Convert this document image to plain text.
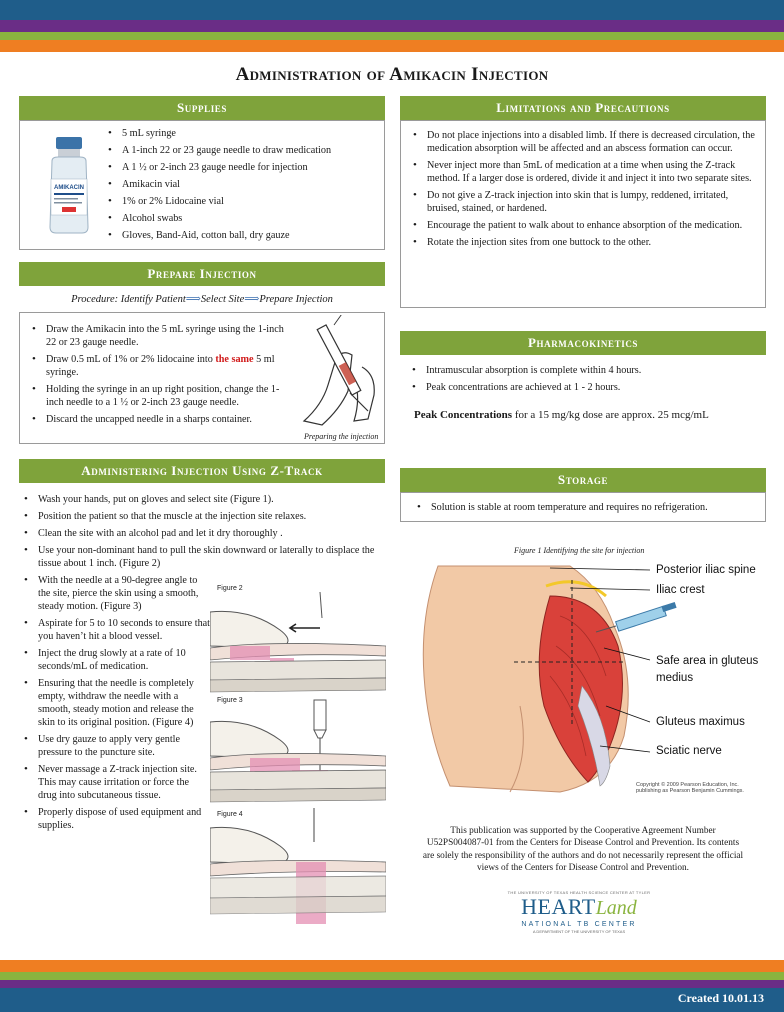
Administration of Amikacin Injection
Supplies
AMIKACIN
• 5 mL syringe
• A 1-inch 22 or 23 gauge needle to draw medication
• A 1 ½ or 2-inch 23 gauge needle for injection
• Amikacin vial
• 1% or 2% Lidocaine vial
• Alcohol swabs
• Gloves, Band-Aid, cotton ball, dry gauze
Prepare Injection
Procedure: Identify Patient⟹Select Site⟹Prepare Injection
• Draw the Amikacin into the 5 mL syringe using the 1-inch 22 or 23 gauge needle.
• Draw 0.5 mL of 1% or 2% lidocaine into the same 5 ml syringe.
• Holding the syringe in an up right position, change the 1-inch needle to a 1 ½ or 2-inch 23 gauge needle.
• Discard the uncapped needle in a sharps container.
Preparing the injection
Administering Injection Using Z-Track
• Wash your hands, put on gloves and select site (Figure 1).
• Position the patient so that the muscle at the injection site relaxes.
• Clean the site with an alcohol pad and let it dry thoroughly .
• Use your non-dominant hand to pull the skin downward or laterally to displace the tissue about 1 inch. (Figure 2)
• With the needle at a 90-degree angle to the site, pierce the skin using a smooth, steady motion. (Figure 3)
• Aspirate for 5 to 10 seconds to ensure that you haven’t hit a blood vessel.
• Inject the drug slowly at a rate of 10 seconds/mL of medication.
• Ensuring that the needle is completely empty, withdraw the needle with a smooth, steady motion and release the skin to its original position. (Figure 4)
• Use dry gauze to apply very gentle pressure to the puncture site.
• Never massage a Z-track injection site. This may cause irritation or force the drug into subcutaneous tissue.
• Properly dispose of used equipment and supplies.
Figure 2
Figure 3
Figure 4
Limitations and Precautions
• Do not place injections into a disabled limb. If there is decreased circulation, the medication absorption will be affected and an abscess formation can occur.
• Never inject more than 5mL of medication at a time when using the Z-track method. If a larger dose is ordered, divide it and inject it into two separate sites.
• Do not give a Z-track injection into skin that is lumpy, reddened, irritated, bruised, stained, or hardened.
• Encourage the patient to walk about to enhance absorption of the medication.
• Rotate the injection sites from one buttock to the other.
Pharmacokinetics
• Intramuscular absorption is complete within 4 hours.
• Peak concentrations are achieved at 1 - 2 hours.
Peak Concentrations for a 15 mg/kg dose are approx. 25 mcg/mL
Storage
• Solution is stable at room temperature and requires no refrigeration.
Figure 1 Identifying the site for injection
Posterior iliac spine
Iliac crest
Safe area in gluteus
medius
Gluteus maximus
Sciatic nerve
Copyright © 2009 Pearson Education, Inc.
publishing as Pearson Benjamin Cummings.
This publication was supported by the Cooperative Agreement Number
U52PS004087-01 from the Centers for Disease Control and Prevention. Its contents
are solely the responsibility of the authors and do not necessarily represent the official
views of the Centers for Disease Control and Prevention.
THE UNIVERSITY OF TEXAS HEALTH SCIENCE CENTER AT TYLER
HEARTLand
NATIONAL TB CENTER
A DEPARTMENT OF THE UNIVERSITY OF TEXAS
Created 10.01.13
